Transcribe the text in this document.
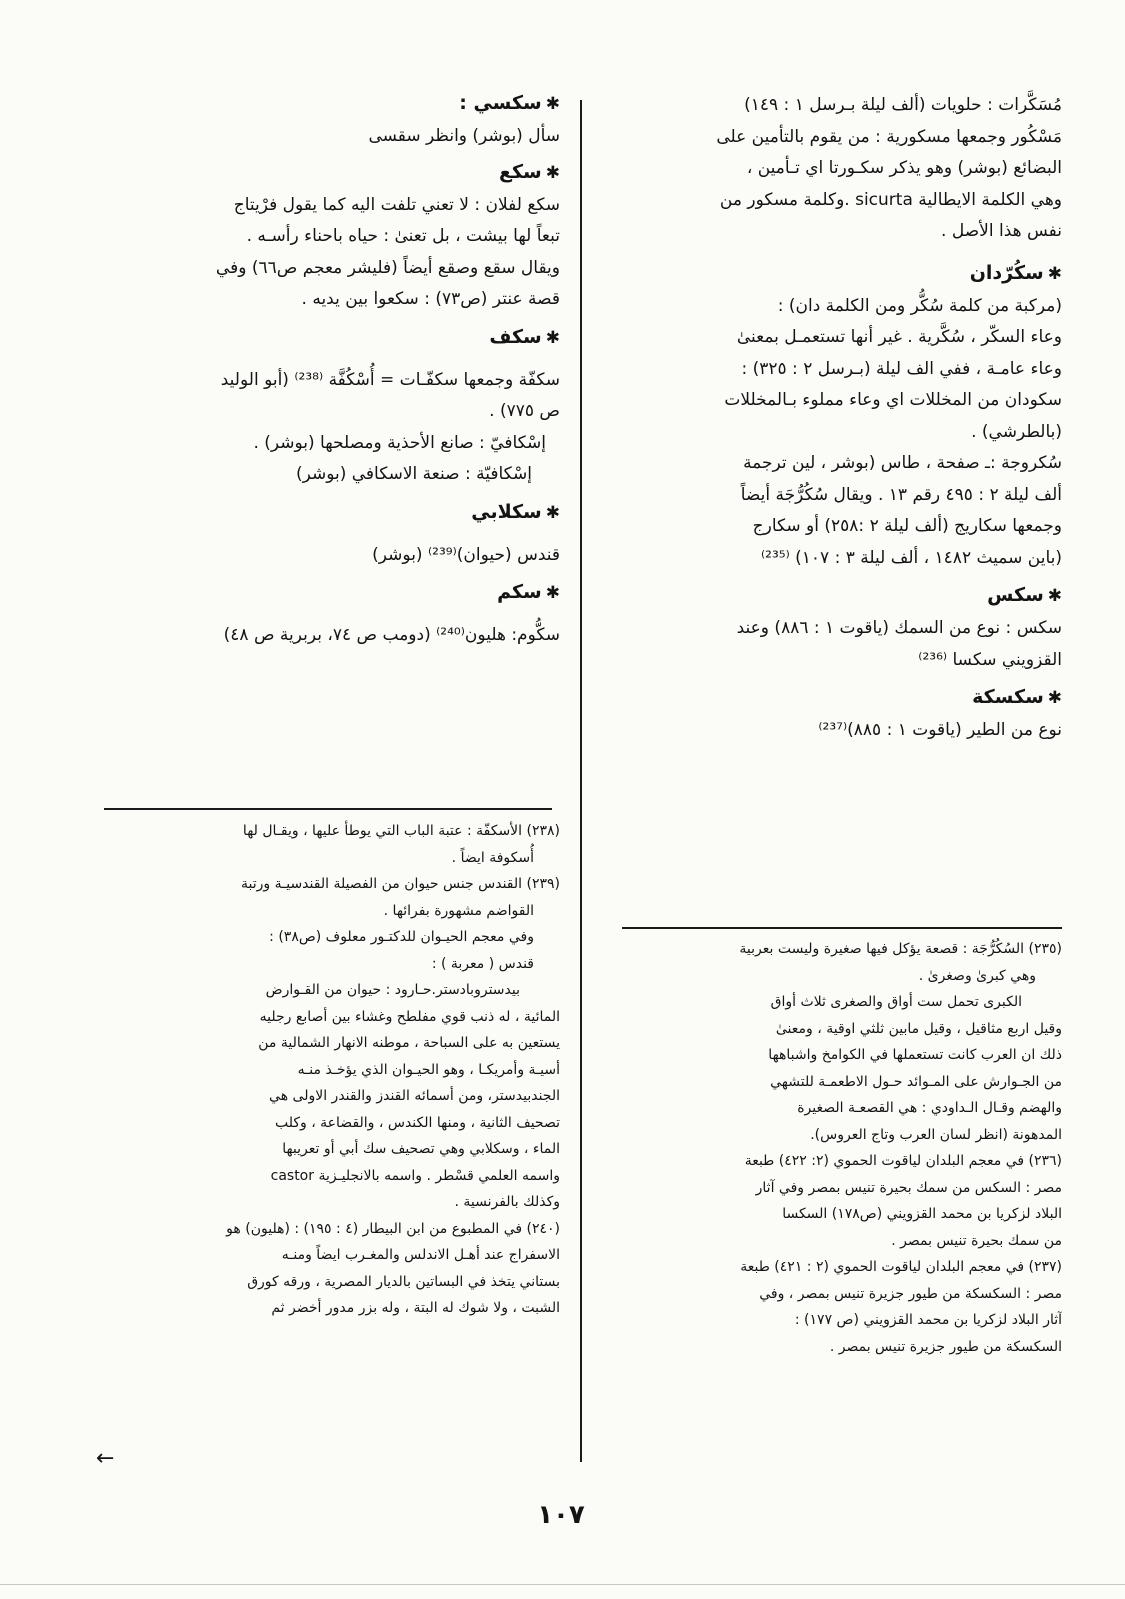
مُسَكَّرات : حلويات (ألف ليلة بـرسل ١ : ١٤٩)

مَسْكُور وجمعها مسكورية : من يقوم بالتأمين على

البضائع (بوشر) وهو يذكر سكـورتا اي تـأمين ،

وهي الكلمة الايطالية sicurta .وكلمة مسكور من

نفس هذا الأصل .

✱سكُرّدان

(مركبة من كلمة سُكُّر ومن الكلمة دان) :

وعاء السكّر ، سُكَّرية . غير أنها تستعمـل بمعنىٰ

وعاء عامـة ، ففي الف ليلة (بـرسل ٢ : ٣٢٥) :

سكودان من المخللات اي وعاء مملوء بـالمخللات

(بالطرشي) .

سُكروجة :ـ صفحة ، طاس (بوشر ، لين ترجمة

ألف ليلة ٢ : ٤٩٥ رقم ١٣ . ويقال سُكُرُّجَة أيضاً

وجمعها سكاريج (ألف ليلة ٢ :٢٥٨) أو سكارج

(باين سميث ١٤٨٢ ، ألف ليلة ٣ : ١٠٧) ⁽²³⁵⁾

✱سكس

سكس : نوع من السمك (ياقوت ١ : ٨٨٦) وعند

القزويني سكسا ⁽²³⁶⁾

✱سكسكة

نوع من الطير (ياقوت ١ : ٨٨٥)⁽²³⁷⁾

(٢٣٥) السُكُرُّجَة : قصعة يؤكل فيها صغيرة وليست بعربية

وهي كبرىٰ وصغرىٰ .

الكبرى تحمل ست أواق والصغرى ثلاث أواق

وقيل اربع مثاقيل ، وقيل مابين ثلثي اوقية ، ومعنىٰ

ذلك ان العرب كانت تستعملها في الكوامخ واشباهها

من الجـوارش على المـوائد حـول الاطعمـة للتشهي

والهضم وقـال الـداودي : هي القصعـة الصغيرة

المدهونة (انظر لسان العرب وتاج العروس).

(٢٣٦) في معجم البلدان لياقوت الحموي (٢: ٤٢٢) طبعة

مصر : السكس من سمك بحيرة تنيس بمصر وفي آثار

البلاد لزكريا بن محمد القزويني (ص١٧٨) السكسا

من سمك بحيرة تنيس بمصر .

(٢٣٧) في معجم البلدان لياقوت الحموي (٢ : ٤٢١) طبعة

مصر : السكسكة من طيور جزيرة تنيس بمصر ، وفي

آثار البلاد لزكريا بن محمد القزويني (ص ١٧٧) :

السكسكة من طيور جزيرة تنيس بمصر .

✱سكسي :

سأل (بوشر) وانظر سقسى

✱سكع

سكع لفلان : لا تعني تلفت اليه كما يقول فرْيتاج

تبعاً لها بيشت ، بل تعنىٰ : حياه باحناء رأسـه .

ويقال سقع وصقع أيضاً (فليشر معجم ص٦٦) وفي

قصة عنتر (ص٧٣) : سكعوا بين يديه .

✱سكف

سكفّة وجمعها سكفّـات = أُسْكُفَّة ⁽²³⁸⁾ (أبو الوليد

ص ٧٧٥) .

إسْكافيّ : صانع الأحذية ومصلحها (بوشر) .

إسْكافيّة : صنعة الاسكافي (بوشر)

✱سكلابي

قندس (حيوان)⁽²³⁹⁾ (بوشر)

✱سكم

سكُّوم: هليون⁽²⁴⁰⁾ (دومب ص ٧٤، بربرية ص ٤٨)

(٢٣٨) الأسكفّة : عتبة الباب التي يوطأ عليها ، ويقـال لها

أُسكوفة ايضاً .

(٢٣٩) القندس جنس حيوان من الفصيلة القندسيـة ورتبة

القواضم مشهورة بفرائها .

وفي معجم الحيـوان للدكتـور معلوف (ص٣٨) :

قندس ( معربة ) :

بيدستروبادستر.حـارود : حيوان من القـوارض

المائية ، له ذنب قوي مفلطح وغشاء بين أصابع رجليه

يستعين به على السباحة ، موطنه الانهار الشمالية من

أسيـة وأمريكـا ، وهو الحيـوان الذي يؤخـذ منـه

الجندبيدستر، ومن أسمائه القندز والقندر الاولى هي

تصحيف الثانية ، ومنها الكندس ، والقضاعة ، وكلب

الماء ، وسكلابي وهي تصحيف سك أبي أو تعريبها

واسمه العلمي قسْطر . واسمه بالانجليـزية castor

وكذلك بالفرنسية .

(٢٤٠) في المطبوع من ابن البيطار (٤ : ١٩٥) : (هليون) هو

الاسفراج عند أهـل الاندلس والمغـرب ايضاً ومنـه

بستاني يتخذ في البساتين بالديار المصرية ، ورقه كورق

الشبت ، ولا شوك له البتة ، وله بزر مدور أخضر ثم

←
١٠٧
